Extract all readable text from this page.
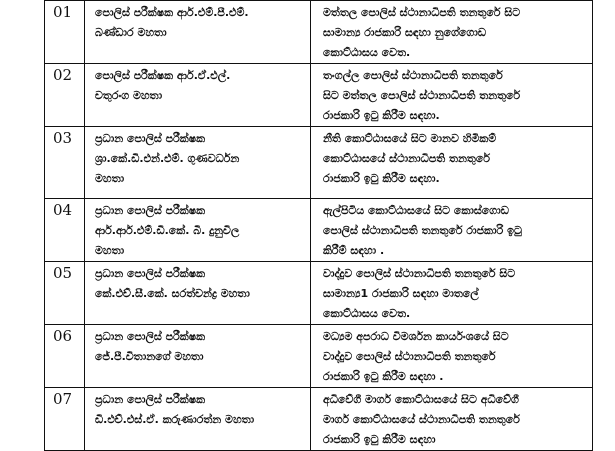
01	පොලිස් පරීක්ෂක ආර්.එම්.පී.එම්.
බණ්ඩාර මහතා	මත්තල පොලිස් ස්ථානාධිපති තනතුරේ සිට
සාමාන්‍ය රාජකාරි සඳහා නුගේගොඩ
කොට්ඨාසය වෙත.

02	පොලිස් පරීක්ෂක ආර්.ඒ.එල්.
චතුරංග මහතා	තංගල්ල පොලිස් ස්ථානාධිපති තනතුරේ
සිට මත්තල පොලිස් ස්ථානාධිපති තනතුරේ
රාජකාරි ඉටු කිරීම සඳහා.

03	ප්‍රධාන පොලිස් පරීක්ෂක
ශ්‍රා.කේ.ඩී.එන්.එම්. ගුණවර්ධන
මහතා	නීති කොට්ඨාසයේ සිට මානව හිමිකම්
කොට්ඨාසයේ ස්ථානාධිපති තනතුරේ
රාජකාරි ඉටු කිරීම සඳහා.

04	ප්‍රධාන පොලිස් පරීක්ෂක
ආර්.ආර්.එම්.ඩී.කේ. බී. දුනුවිල
මහතා	ඇල්පිටිය කොට්ඨාසයේ සිට කොස්ගොඩ
පොලිස් ස්ථානාධිපති තනතුරේ රාජකාරි ඉටු
කිරීම් සඳහා .

05	ප්‍රධාන පොලිස් පරීක්ෂක
කේ.එච්.සී.කේ. සරත්චන්ද්‍ර මහතා	වාද්දුව පොලිස් ස්ථානාධිපති තනතුරේ සිට
සාමාන්‍ය1 රාජකාරි සඳහා මාතලේ
කොට්ඨාසය වෙත.

06	ප්‍රධාන පොලිස් පරීක්ෂක
ජේ.පී.විතානගේ මහතා	මධ්‍යම අපරාධ විමර්ශන කාර්යංශයේ සිට
වාද්දුව පොලිස් ස්ථානාධිපති තනතුරේ
රාජකාරි ඉටු කිරීම සඳහා .

07	ප්‍රධාන පොලිස් පරීක්ෂක
ඩී.එච්.එස්.ඒ. කරුණාරත්න මහතා	අධිවේගී මාර්ග කොට්ඨාසයේ සිට අධිවේගී
මාර්ග කොට්ඨාසයේ ස්ථානාධිපති තනතුරේ
රාජකාරි ඉටු කිරීම සඳහා
